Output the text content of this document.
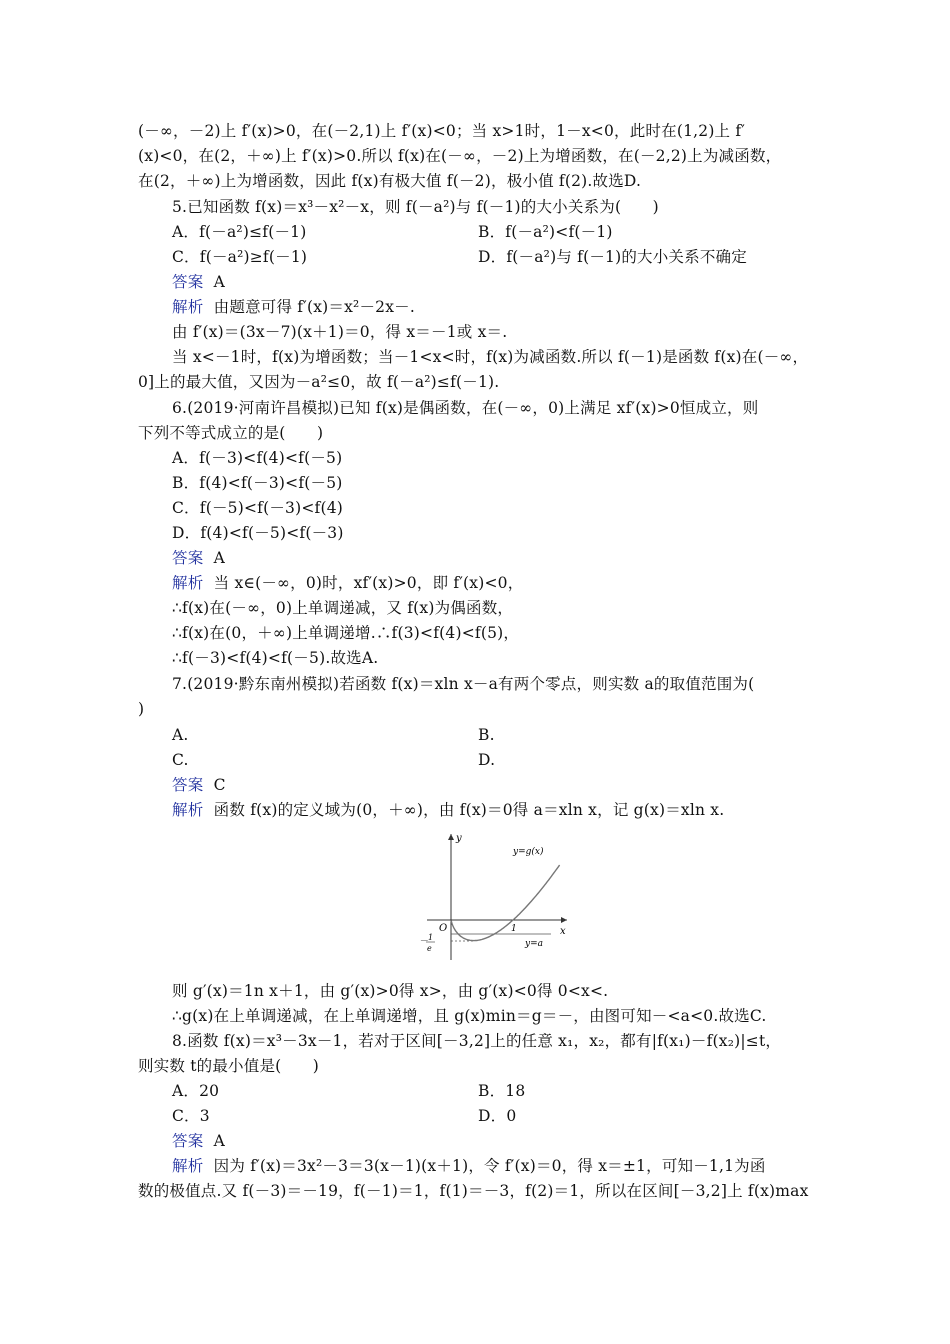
(－∞，－2)上 f′(x)>0，在(－2,1)上 f′(x)<0；当 x>1时，1－x<0，此时在(1,2)上 f′
(x)<0，在(2，＋∞)上 f′(x)>0.所以 f(x)在(－∞，－2)上为增函数，在(－2,2)上为减函数，
在(2，＋∞)上为增函数，因此 f(x)有极大值 f(－2)，极小值 f(2).故选D.
5.已知函数 f(x)＝x³－x²－x，则 f(－a²)与 f(－1)的大小关系为(　　)
A．f(－a²)≤f(－1)	B．f(－a²)<f(－1)
C．f(－a²)≥f(－1)	D．f(－a²)与 f(－1)的大小关系不确定
答案 A
解析 由题意可得 f′(x)＝x²－2x－.
由 f′(x)＝(3x－7)(x＋1)＝0，得 x＝－1或 x＝.
当 x<－1时，f(x)为增函数；当－1<x<时，f(x)为减函数.所以 f(－1)是函数 f(x)在(－∞，
0]上的最大值，又因为－a²≤0，故 f(－a²)≤f(－1).
6.(2019·河南许昌模拟)已知 f(x)是偶函数，在(－∞，0)上满足 xf′(x)>0恒成立，则
下列不等式成立的是(　　)
A．f(－3)<f(4)<f(－5)
B．f(4)<f(－3)<f(－5)
C．f(－5)<f(－3)<f(4)
D．f(4)<f(－5)<f(－3)
答案 A
解析 当 x∈(－∞，0)时，xf′(x)>0，即 f′(x)<0，
∴f(x)在(－∞，0)上单调递减，又 f(x)为偶函数，
∴f(x)在(0，＋∞)上单调递增.∴f(3)<f(4)<f(5)，
∴f(－3)<f(4)<f(－5).故选A.
7.(2019·黔东南州模拟)若函数 f(x)＝xln x－a有两个零点，则实数 a的取值范围为(
)
A.	B.
C.	D.
答案 C
解析 函数 f(x)的定义域为(0，＋∞)，由 f(x)＝0得 a＝xln x，记 g(x)＝xln x.
y
x
O
y=g(x)
y=a
1
－ 1
e
则 g′(x)＝1n x＋1，由 g′(x)>0得 x>，由 g′(x)<0得 0<x<.
∴g(x)在上单调递减，在上单调递增，且 g(x)min＝g＝－，由图可知－<a<0.故选C.
8.函数 f(x)＝x³－3x－1，若对于区间[－3,2]上的任意 x₁，x₂，都有|f(x₁)－f(x₂)|≤t，
则实数 t的最小值是(　　)
A．20	B．18
C．3	D．0
答案 A
解析 因为 f′(x)＝3x²－3＝3(x－1)(x＋1)，令 f′(x)＝0，得 x＝±1，可知－1,1为函
数的极值点.又 f(－3)＝－19，f(－1)＝1，f(1)＝－3，f(2)＝1，所以在区间[－3,2]上 f(x)max
